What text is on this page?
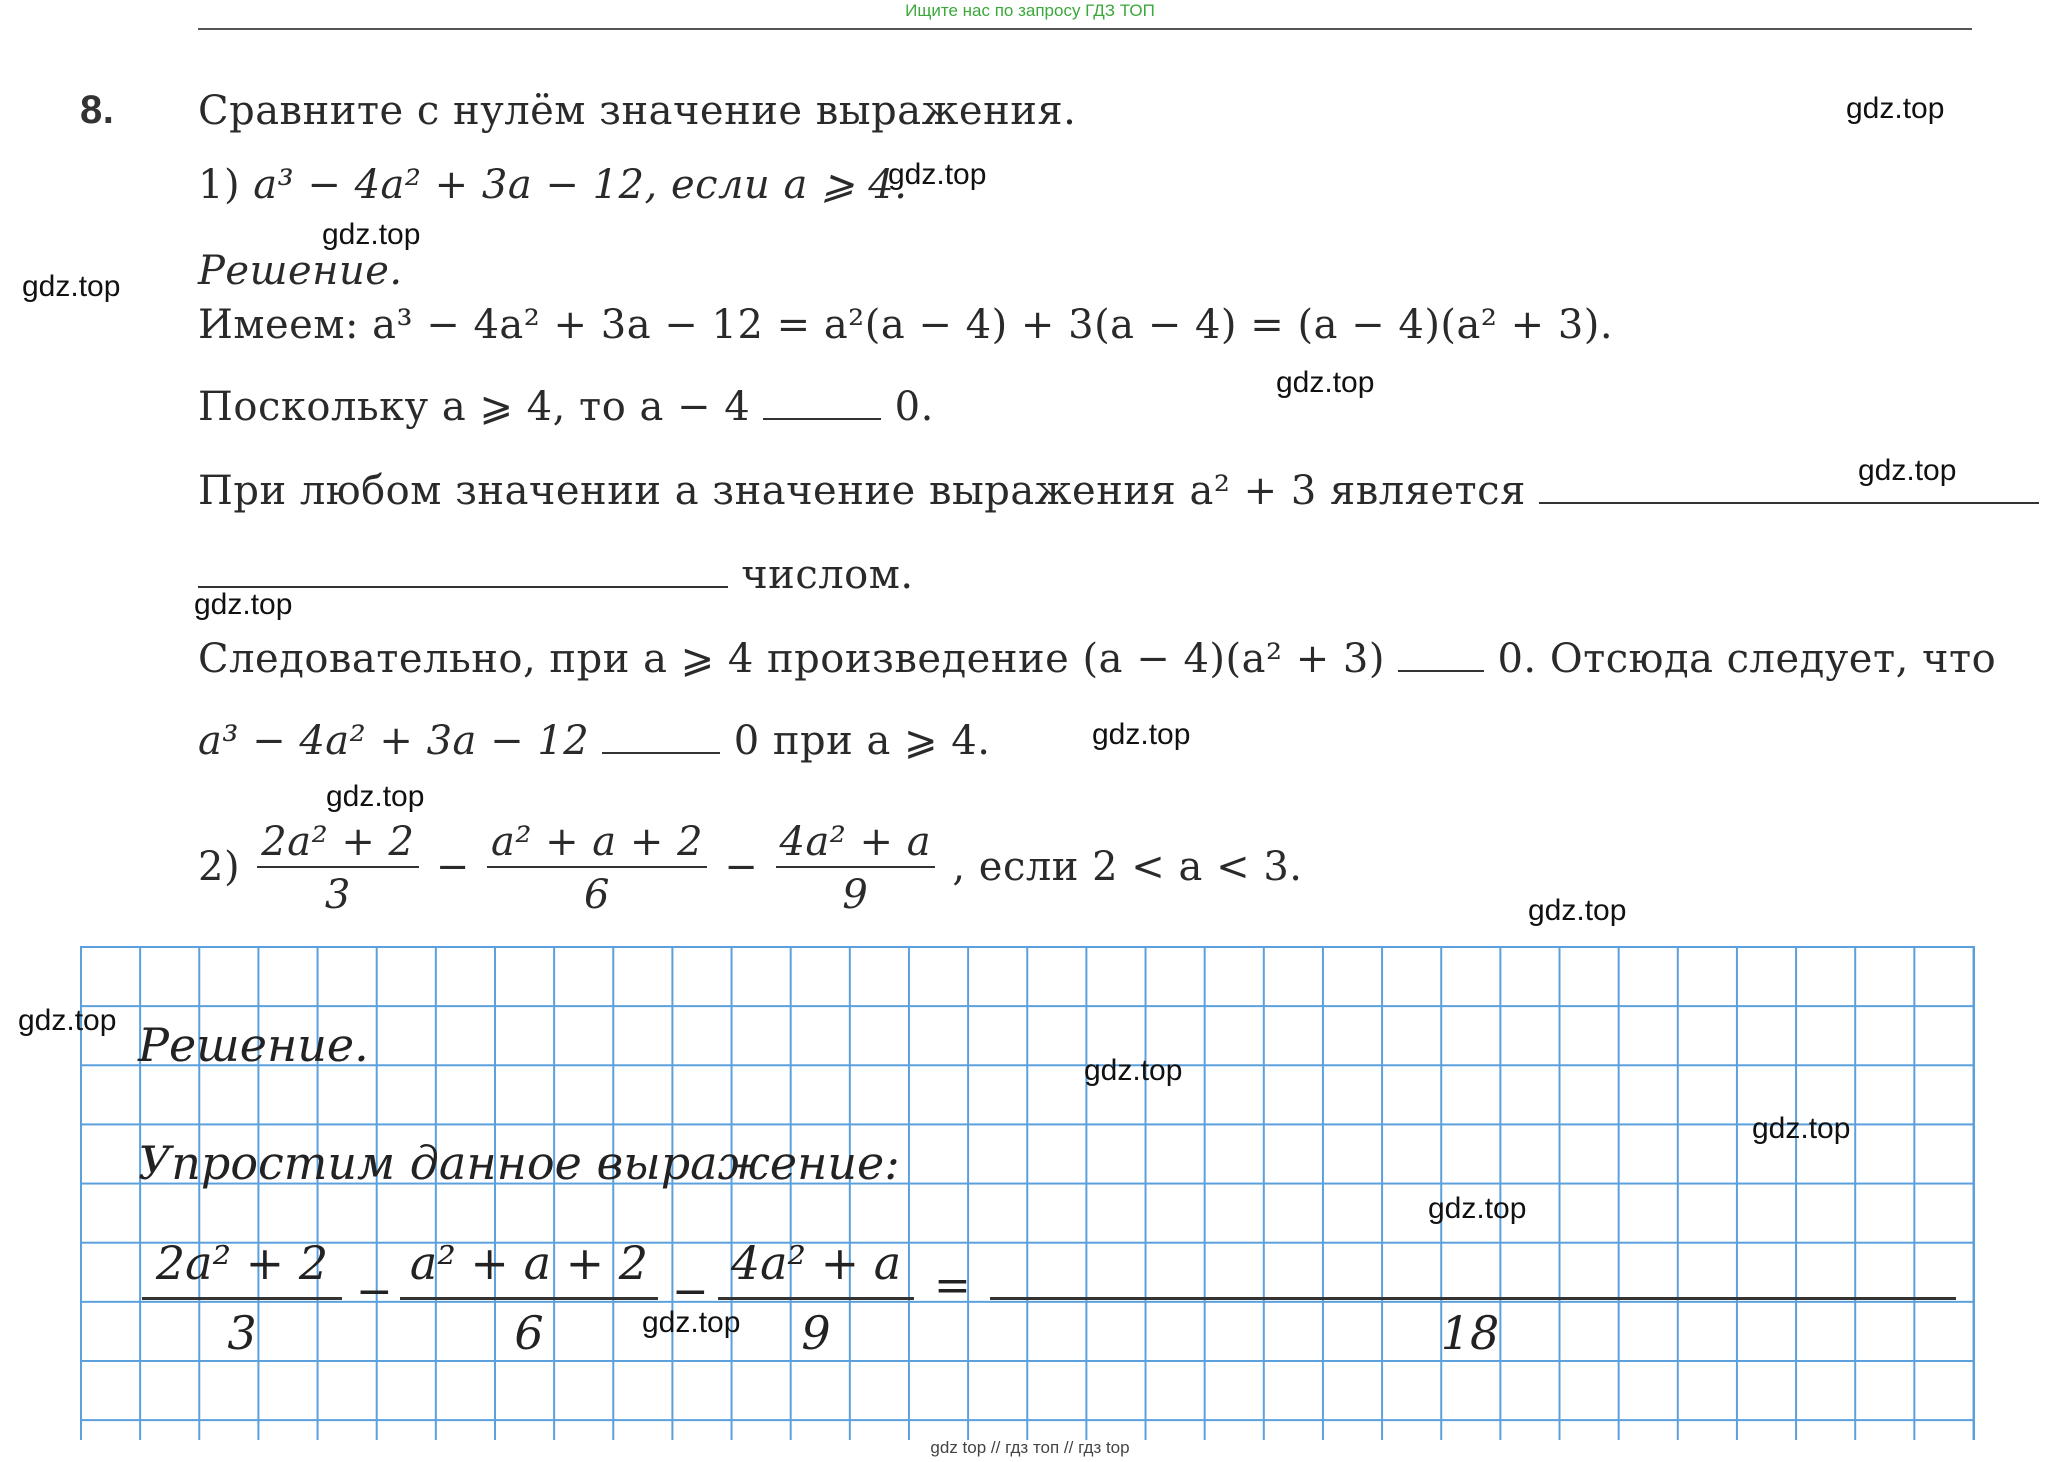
Ищите нас по запросу ГДЗ ТОП
8. Сравните с нулём значение выражения.
1) a³ − 4a² + 3a − 12, если a ⩾ 4.
Решение.
Имеем: a³ − 4a² + 3a − 12 = a²(a − 4) + 3(a − 4) = (a − 4)(a² + 3).
Поскольку a ⩾ 4, то a − 4	0.
При любом значении a значение выражения a² + 3 является
числом.
Следовательно, при a ⩾ 4 произведение (a − 4)(a² + 3)	0. Отсюда следует, что
a³ − 4a² + 3a − 12	0 при a ⩾ 4.
$2) \frac{\text{2a² + 2}}{3} - \frac{\text{a² + a + 2}}{6} - \frac{\text{4a² + a}}{9}$ , если 2 < a < 3.
Решение.
Упростим данное выражение:
2a² + 2
3
−
a² + a + 2
6
−
4a² + a
9
=
18
gdz.top
gdz.top
gdz.top
gdz.top
gdz.top
gdz.top
gdz.top
gdz.top
gdz.top
gdz.top
gdz.top
gdz.top
gdz.top
gdz.top
gdz.top
gdz top // гдз топ // гдз top
